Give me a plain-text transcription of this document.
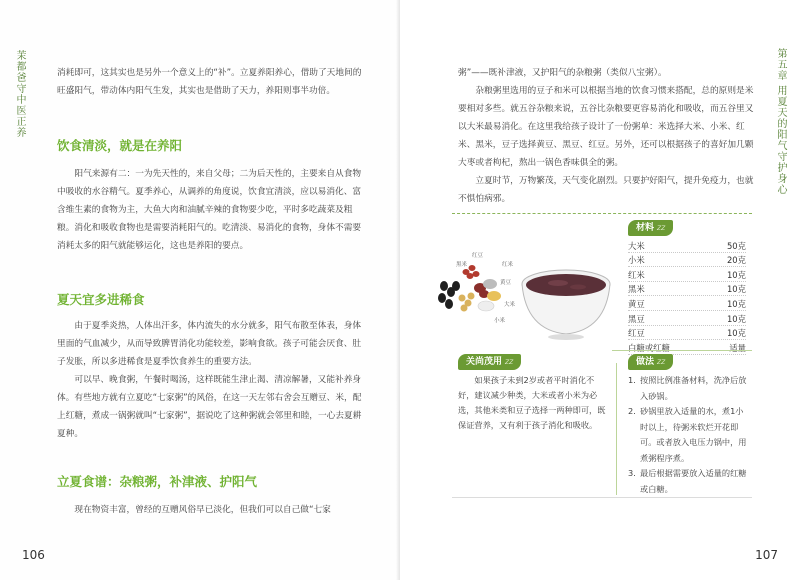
茉都爸守中医正养	消耗即可，这其实也是另外一个意义上的“补”。立夏养阳养心，借助了天地间的旺盛阳气，带动体内阳气生发，其实也是借助了天力，养阳则事半功倍。

饮食清淡，就是在养阳

阳气来源有二：一为先天性的，来自父母；二为后天性的，主要来自从食物中吸收的水谷精气。夏季养心，从调养的角度说，饮食宜清淡，应以易消化、富含维生素的食物为主，大鱼大肉和油腻辛辣的食物要少吃，平时多吃蔬菜及粗粮。消化和吸收食物也是需要消耗阳气的。吃清淡、易消化的食物，身体不需要消耗太多的阳气就能够运化，这也是养阳的要点。

夏天宜多进稀食

由于夏季炎热，人体出汗多，体内流失的水分就多，阳气布散至体表，身体里面的气血减少，从而导致脾胃消化功能较差，影响食欲。孩子可能会厌食、肚子发胀，所以多进稀食是夏季饮食养生的重要方法。

可以早、晚食粥，午餐时喝汤，这样既能生津止渴、清凉解暑，又能补养身体。有些地方就有立夏吃“七家粥”的风俗，在这一天左邻右舍会互赠豆、米，配上红糖，煮成一锅粥就叫“七家粥”，据说吃了这种粥就会邻里和睦，一心去夏耕夏种。

立夏食谱：杂粮粥，补津液、护阳气

现在物资丰富，曾经的互赠风俗早已淡化，但我们可以自己做“七家

106
第五章 用夏天的阳气守护身心
107

粥”——既补津液，又护阳气的杂粮粥（类似八宝粥）。

杂粮粥里选用的豆子和米可以根据当地的饮食习惯来搭配，总的原则是米要相对多些。就五谷杂粮来说，五谷比杂粮要更容易消化和吸收，而五谷里又以大米最易消化。在这里我给孩子设计了一份粥单：米选择大米、小米、红米、黑米，豆子选择黄豆、黑豆、红豆。另外，还可以根据孩子的喜好加几颗大枣或者枸杞，熬出一锅色香味俱全的粥。

立夏时节，万物繁茂，天气变化剧烈。只要护好阳气，提升免疫力，也就不惧怕病邪。

红豆
黑米	红米
黄豆
小米
大米
材料 ZZ
大米	50克
小米	20克
红米	10克
黑米	10克
黄豆	10克
黑豆	10克
红豆	10克
白糖或红糖	适量
关尚茂用 ZZ

如果孩子未到2岁或者平时消化不好，建议减少种类，大米或者小米为必选，其他米类和豆子选择一两种即可，既保证营养，又有利于孩子消化和吸收。

做法 ZZ
1. 按照比例准备材料，洗净后放入砂锅。
2. 砂锅里放入适量的水，煮1小时以上，待粥米软烂开花即可。或者放入电压力锅中，用煮粥程序煮。
3. 最后根据需要放入适量的红糖或白糖。
